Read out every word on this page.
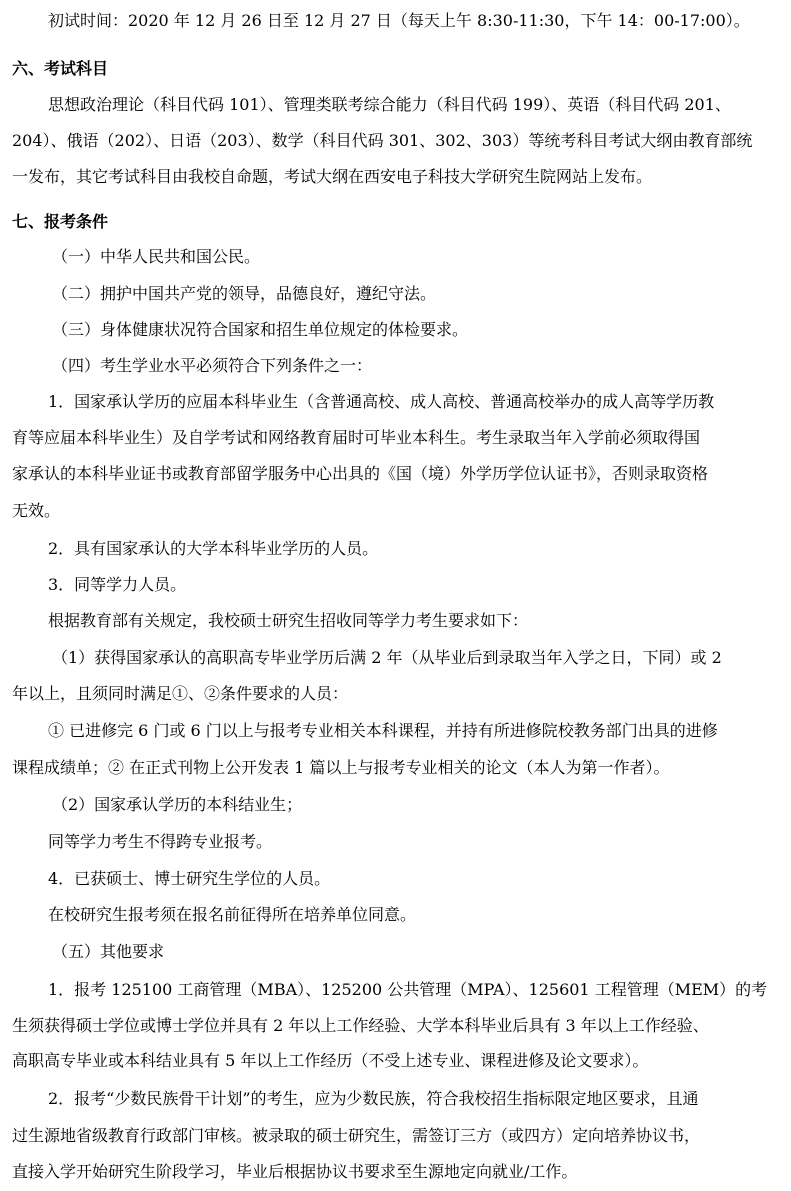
初试时间：2020 年 12 月 26 日至 12 月 27 日（每天上午 8:30-11:30，下午 14：00-17:00）。
六、考试科目
思想政治理论（科目代码 101）、管理类联考综合能力（科目代码 199）、英语（科目代码 201、
204）、俄语（202）、日语（203）、数学（科目代码 301、302、303）等统考科目考试大纲由教育部统
一发布，其它考试科目由我校自命题，考试大纲在西安电子科技大学研究生院网站上发布。
七、报考条件
（一）中华人民共和国公民。
（二）拥护中国共产党的领导，品德良好，遵纪守法。
（三）身体健康状况符合国家和招生单位规定的体检要求。
（四）考生学业水平必须符合下列条件之一：
1．国家承认学历的应届本科毕业生（含普通高校、成人高校、普通高校举办的成人高等学历教
育等应届本科毕业生）及自学考试和网络教育届时可毕业本科生。考生录取当年入学前必须取得国
家承认的本科毕业证书或教育部留学服务中心出具的《国（境）外学历学位认证书》，否则录取资格
无效。
2．具有国家承认的大学本科毕业学历的人员。
3．同等学力人员。
根据教育部有关规定，我校硕士研究生招收同等学力考生要求如下：
（1）获得国家承认的高职高专毕业学历后满 2 年（从毕业后到录取当年入学之日，下同）或 2
年以上，且须同时满足①、②条件要求的人员：
① 已进修完 6 门或 6 门以上与报考专业相关本科课程，并持有所进修院校教务部门出具的进修
课程成绩单；② 在正式刊物上公开发表 1 篇以上与报考专业相关的论文（本人为第一作者）。
（2）国家承认学历的本科结业生；
同等学力考生不得跨专业报考。
4．已获硕士、博士研究生学位的人员。
在校研究生报考须在报名前征得所在培养单位同意。
（五）其他要求
1．报考 125100 工商管理（MBA）、125200 公共管理（MPA）、125601 工程管理（MEM）的考
生须获得硕士学位或博士学位并具有 2 年以上工作经验、大学本科毕业后具有 3 年以上工作经验、
高职高专毕业或本科结业具有 5 年以上工作经历（不受上述专业、课程进修及论文要求）。
2．报考“少数民族骨干计划”的考生，应为少数民族，符合我校招生指标限定地区要求，且通
过生源地省级教育行政部门审核。被录取的硕士研究生，需签订三方（或四方）定向培养协议书，
直接入学开始研究生阶段学习，毕业后根据协议书要求至生源地定向就业/工作。
